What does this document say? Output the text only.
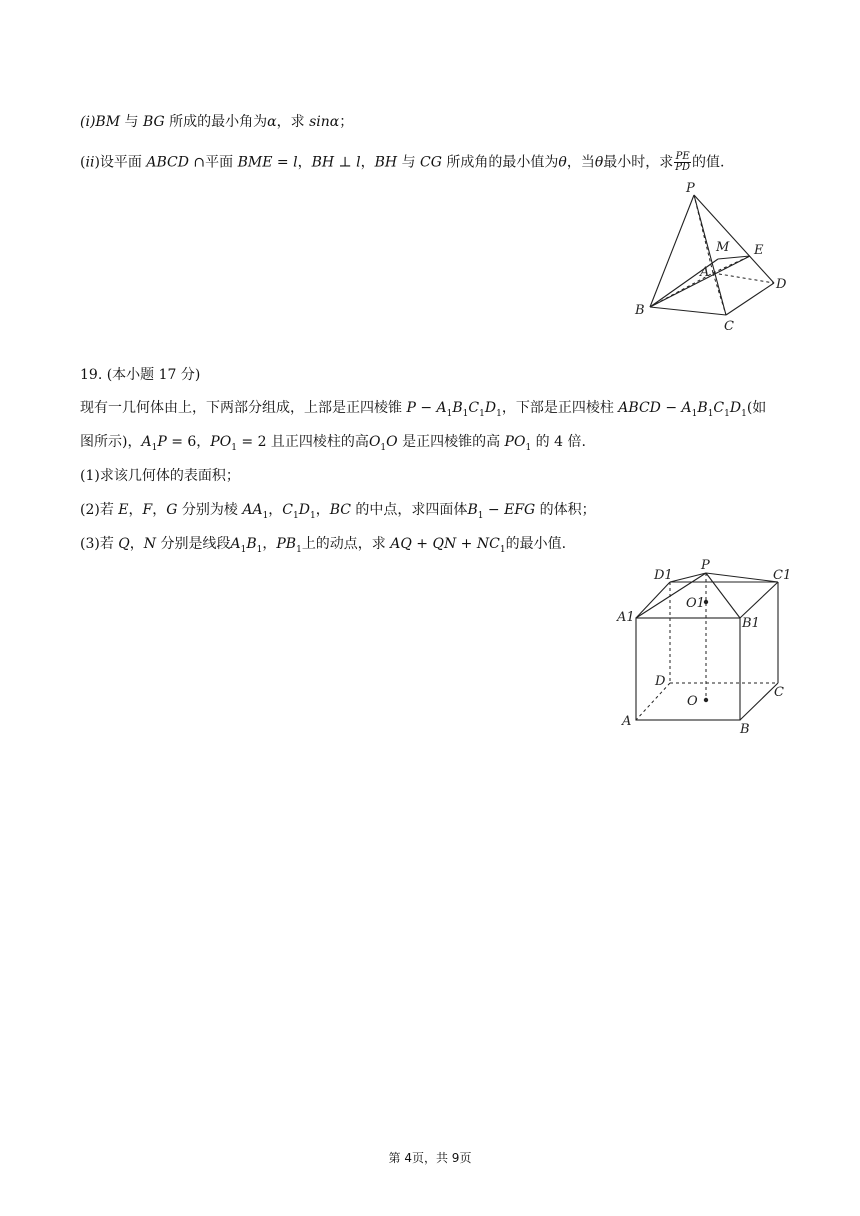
(i)BM 与 BG 所成的最小角为α，求 sinα；
(ii)设平面 ABCD ∩平面 BME = l，BH ⊥ l，BH 与 CG 所成角的最小值为θ，当θ最小时，求 $\frac{PE}{PD}$ 的值.
P
M E
A
D
B
C
19. (本小题 17 分)
现有一几何体由上，下两部分组成，上部是正四棱锥 $P - A_1B_1C_1D_1$，下部是正四棱柱 ABCD − $A_1B_1C_1D_1$(如
图所示)，$A_1P = 6$，$PO_1 = 2$ 且正四棱柱的高$O_1O$ 是正四棱锥的高 $PO_1$ 的 4 倍.
(1)求该几何体的表面积；
(2)若 E，F，G 分别为棱 $AA_1$，$C_1D_1$，BC 的中点，求四面体$B_1$ − EFG 的体积；
(3)若 Q，N 分别是线段$A_1B_1$，$PB_1$上的动点，求 AQ + QN + $NC_1$的最小值.
D1
P
C1
O1
A1	B1
D
C
O
A
B
第 4页，共 9页
